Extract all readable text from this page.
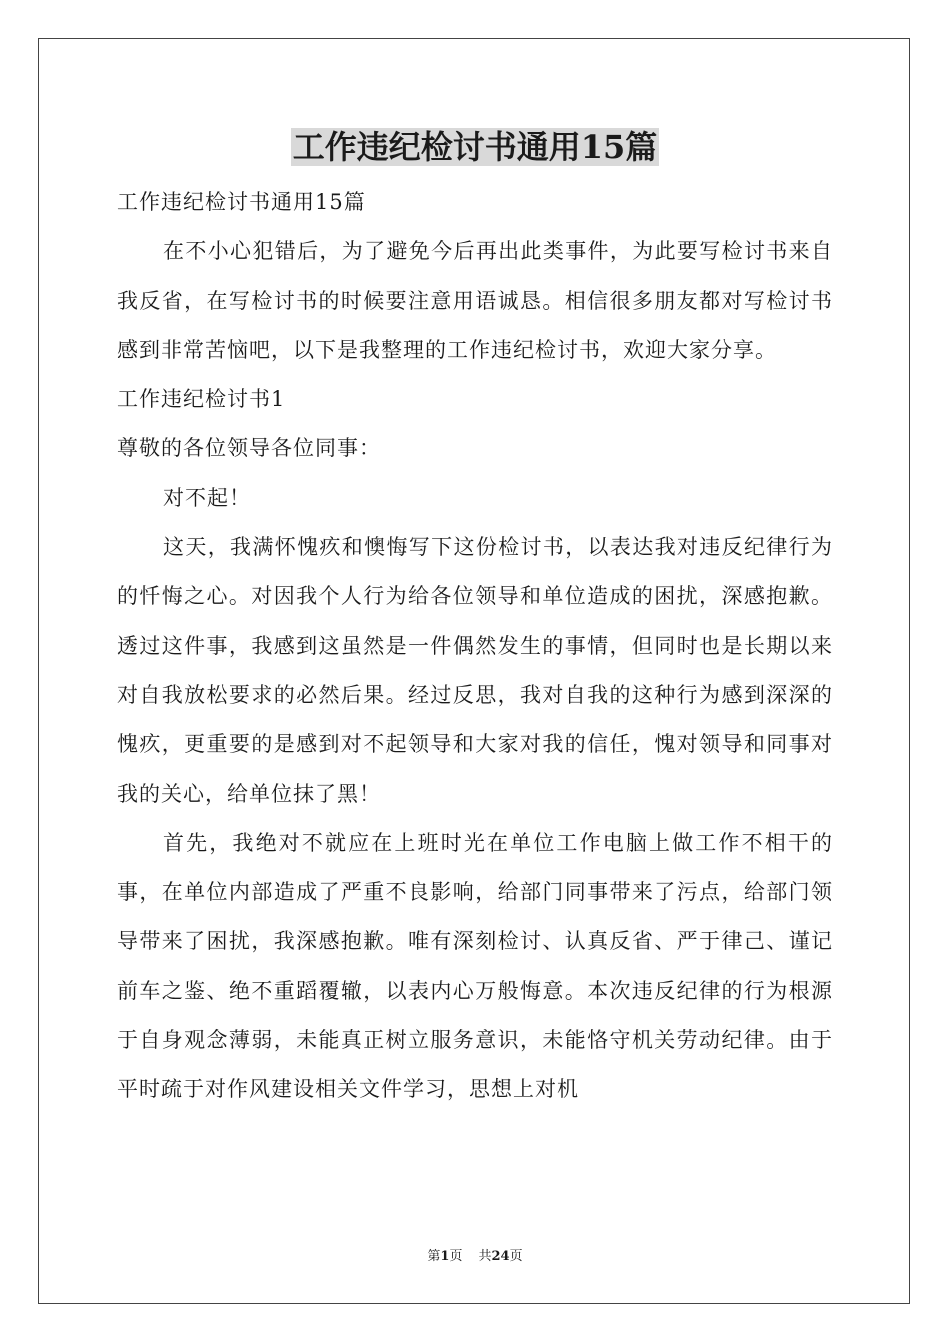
工作违纪检讨书通用15篇

工作违纪检讨书通用15篇

在不小心犯错后，为了避免今后再出此类事件，为此要写检讨书来自我反省，在写检讨书的时候要注意用语诚恳。相信很多朋友都对写检讨书感到非常苦恼吧，以下是我整理的工作违纪检讨书，欢迎大家分享。

工作违纪检讨书1

尊敬的各位领导各位同事：

对不起！

这天，我满怀愧疚和懊悔写下这份检讨书，以表达我对违反纪律行为的忏悔之心。对因我个人行为给各位领导和单位造成的困扰，深感抱歉。透过这件事，我感到这虽然是一件偶然发生的事情，但同时也是长期以来对自我放松要求的必然后果。经过反思，我对自我的这种行为感到深深的愧疚，更重要的是感到对不起领导和大家对我的信任，愧对领导和同事对我的关心，给单位抹了黑！

首先，我绝对不就应在上班时光在单位工作电脑上做工作不相干的事，在单位内部造成了严重不良影响，给部门同事带来了污点，给部门领导带来了困扰，我深感抱歉。唯有深刻检讨、认真反省、严于律己、谨记前车之鉴、绝不重蹈覆辙，以表内心万般悔意。本次违反纪律的行为根源于自身观念薄弱，未能真正树立服务意识，未能恪守机关劳动纪律。由于平时疏于对作风建设相关文件学习，思想上对机

第1页 共24页
